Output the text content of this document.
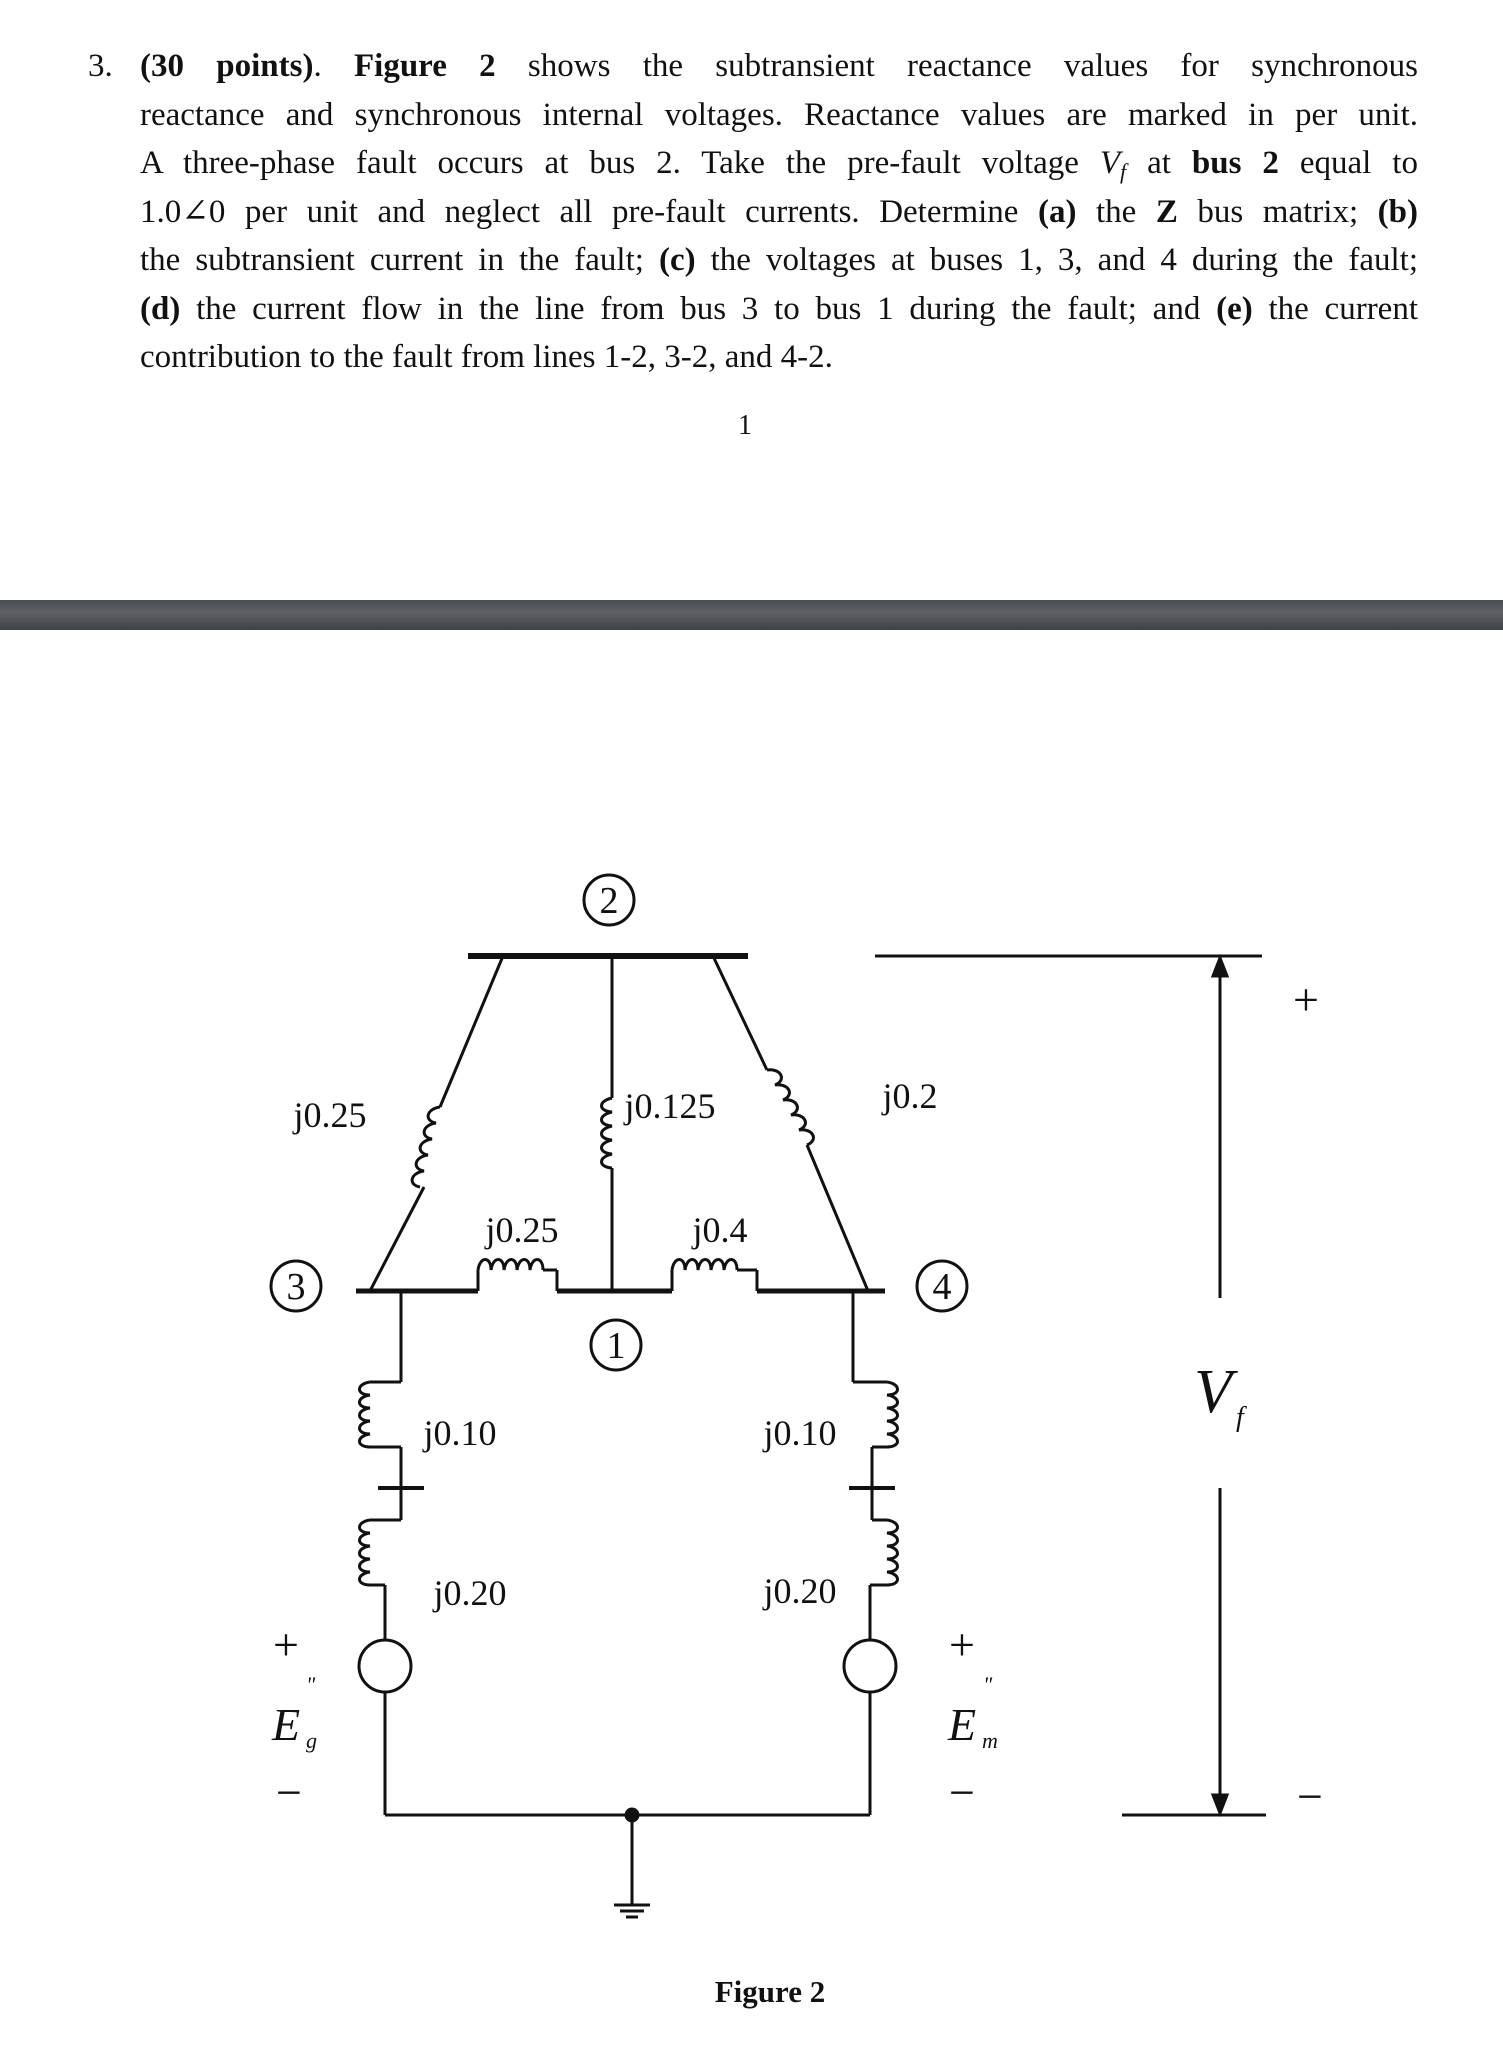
3. (30 points). Figure 2 shows the subtransient reactance values for synchronous
reactance and synchronous internal voltages. Reactance values are marked in per unit.
A three-phase fault occurs at bus 2. Take the pre-fault voltage $V_f$ at bus 2 equal to
1.0∠0 per unit and neglect all pre-fault currents. Determine (a) the Z bus matrix; (b)
the subtransient current in the fault; (c) the voltages at buses 1, 3, and 4 during the fault;
(d) the current flow in the line from bus 3 to bus 1 during the fault; and (e) the current
contribution to the fault from lines 1-2, 3-2, and 4-2.
1
2
3
1
4
j0.25	j0.125	j0.2
j0.25	j0.4
j0.10
j0.20
j0.10
j0.20
+
E g
"
−
+
E m
"
−
+
V f
−
Figure 2
